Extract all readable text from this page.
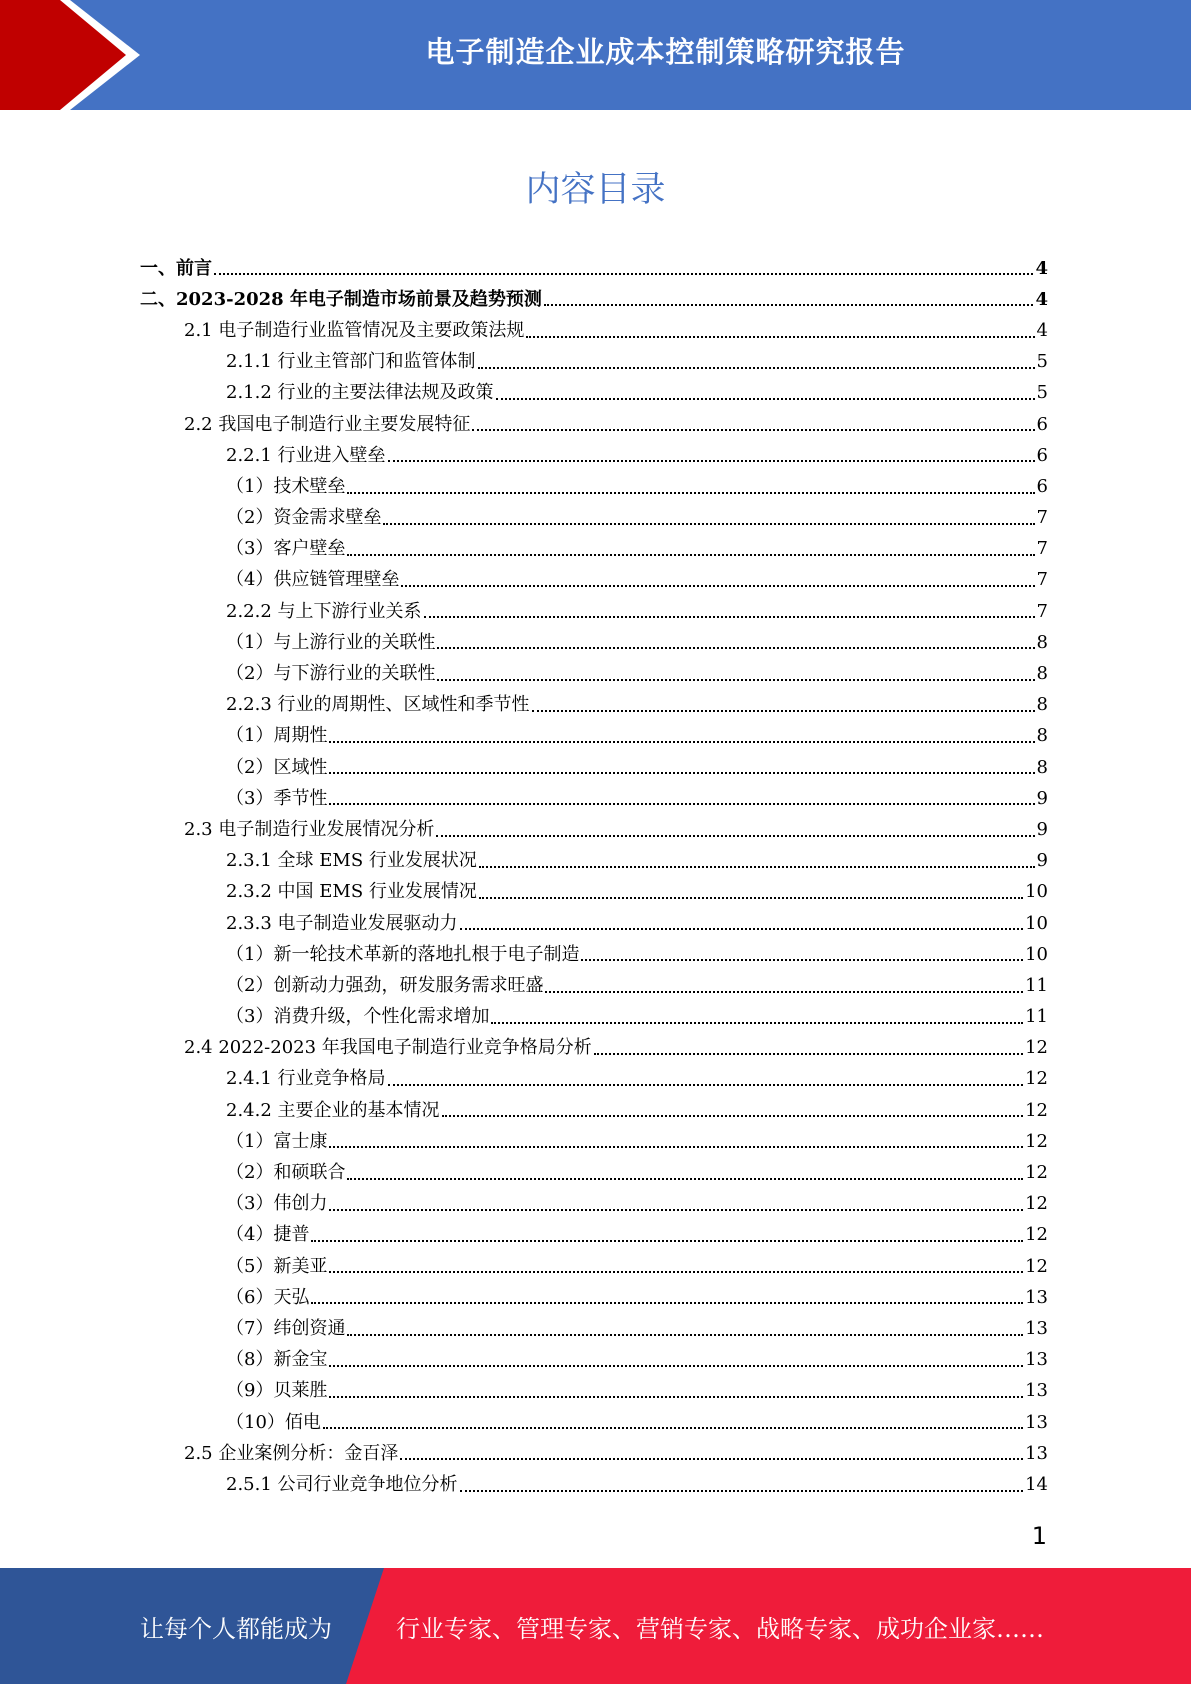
电子制造企业成本控制策略研究报告
内容目录
一、前言	4
二、2023-2028 年电子制造市场前景及趋势预测	4
2.1 电子制造行业监管情况及主要政策法规	4
2.1.1 行业主管部门和监管体制	5
2.1.2 行业的主要法律法规及政策	5
2.2 我国电子制造行业主要发展特征	6
2.2.1 行业进入壁垒	6
（1）技术壁垒	6
（2）资金需求壁垒	7
（3）客户壁垒	7
（4）供应链管理壁垒	7
2.2.2 与上下游行业关系	7
（1）与上游行业的关联性	8
（2）与下游行业的关联性	8
2.2.3 行业的周期性、区域性和季节性	8
（1）周期性	8
（2）区域性	8
（3）季节性	9
2.3 电子制造行业发展情况分析	9
2.3.1 全球 EMS 行业发展状况	9
2.3.2 中国 EMS 行业发展情况	10
2.3.3 电子制造业发展驱动力	10
（1）新一轮技术革新的落地扎根于电子制造	10
（2）创新动力强劲，研发服务需求旺盛	11
（3）消费升级，个性化需求增加	11
2.4 2022-2023 年我国电子制造行业竞争格局分析	12
2.4.1 行业竞争格局	12
2.4.2 主要企业的基本情况	12
（1）富士康	12
（2）和硕联合	12
（3）伟创力	12
（4）捷普	12
（5）新美亚	12
（6）天弘	13
（7）纬创资通	13
（8）新金宝	13
（9）贝莱胜	13
（10）佰电	13
2.5 企业案例分析：金百泽	13
2.5.1 公司行业竞争地位分析	14
1
让每个人都能成为	行业专家、管理专家、营销专家、战略专家、成功企业家……
